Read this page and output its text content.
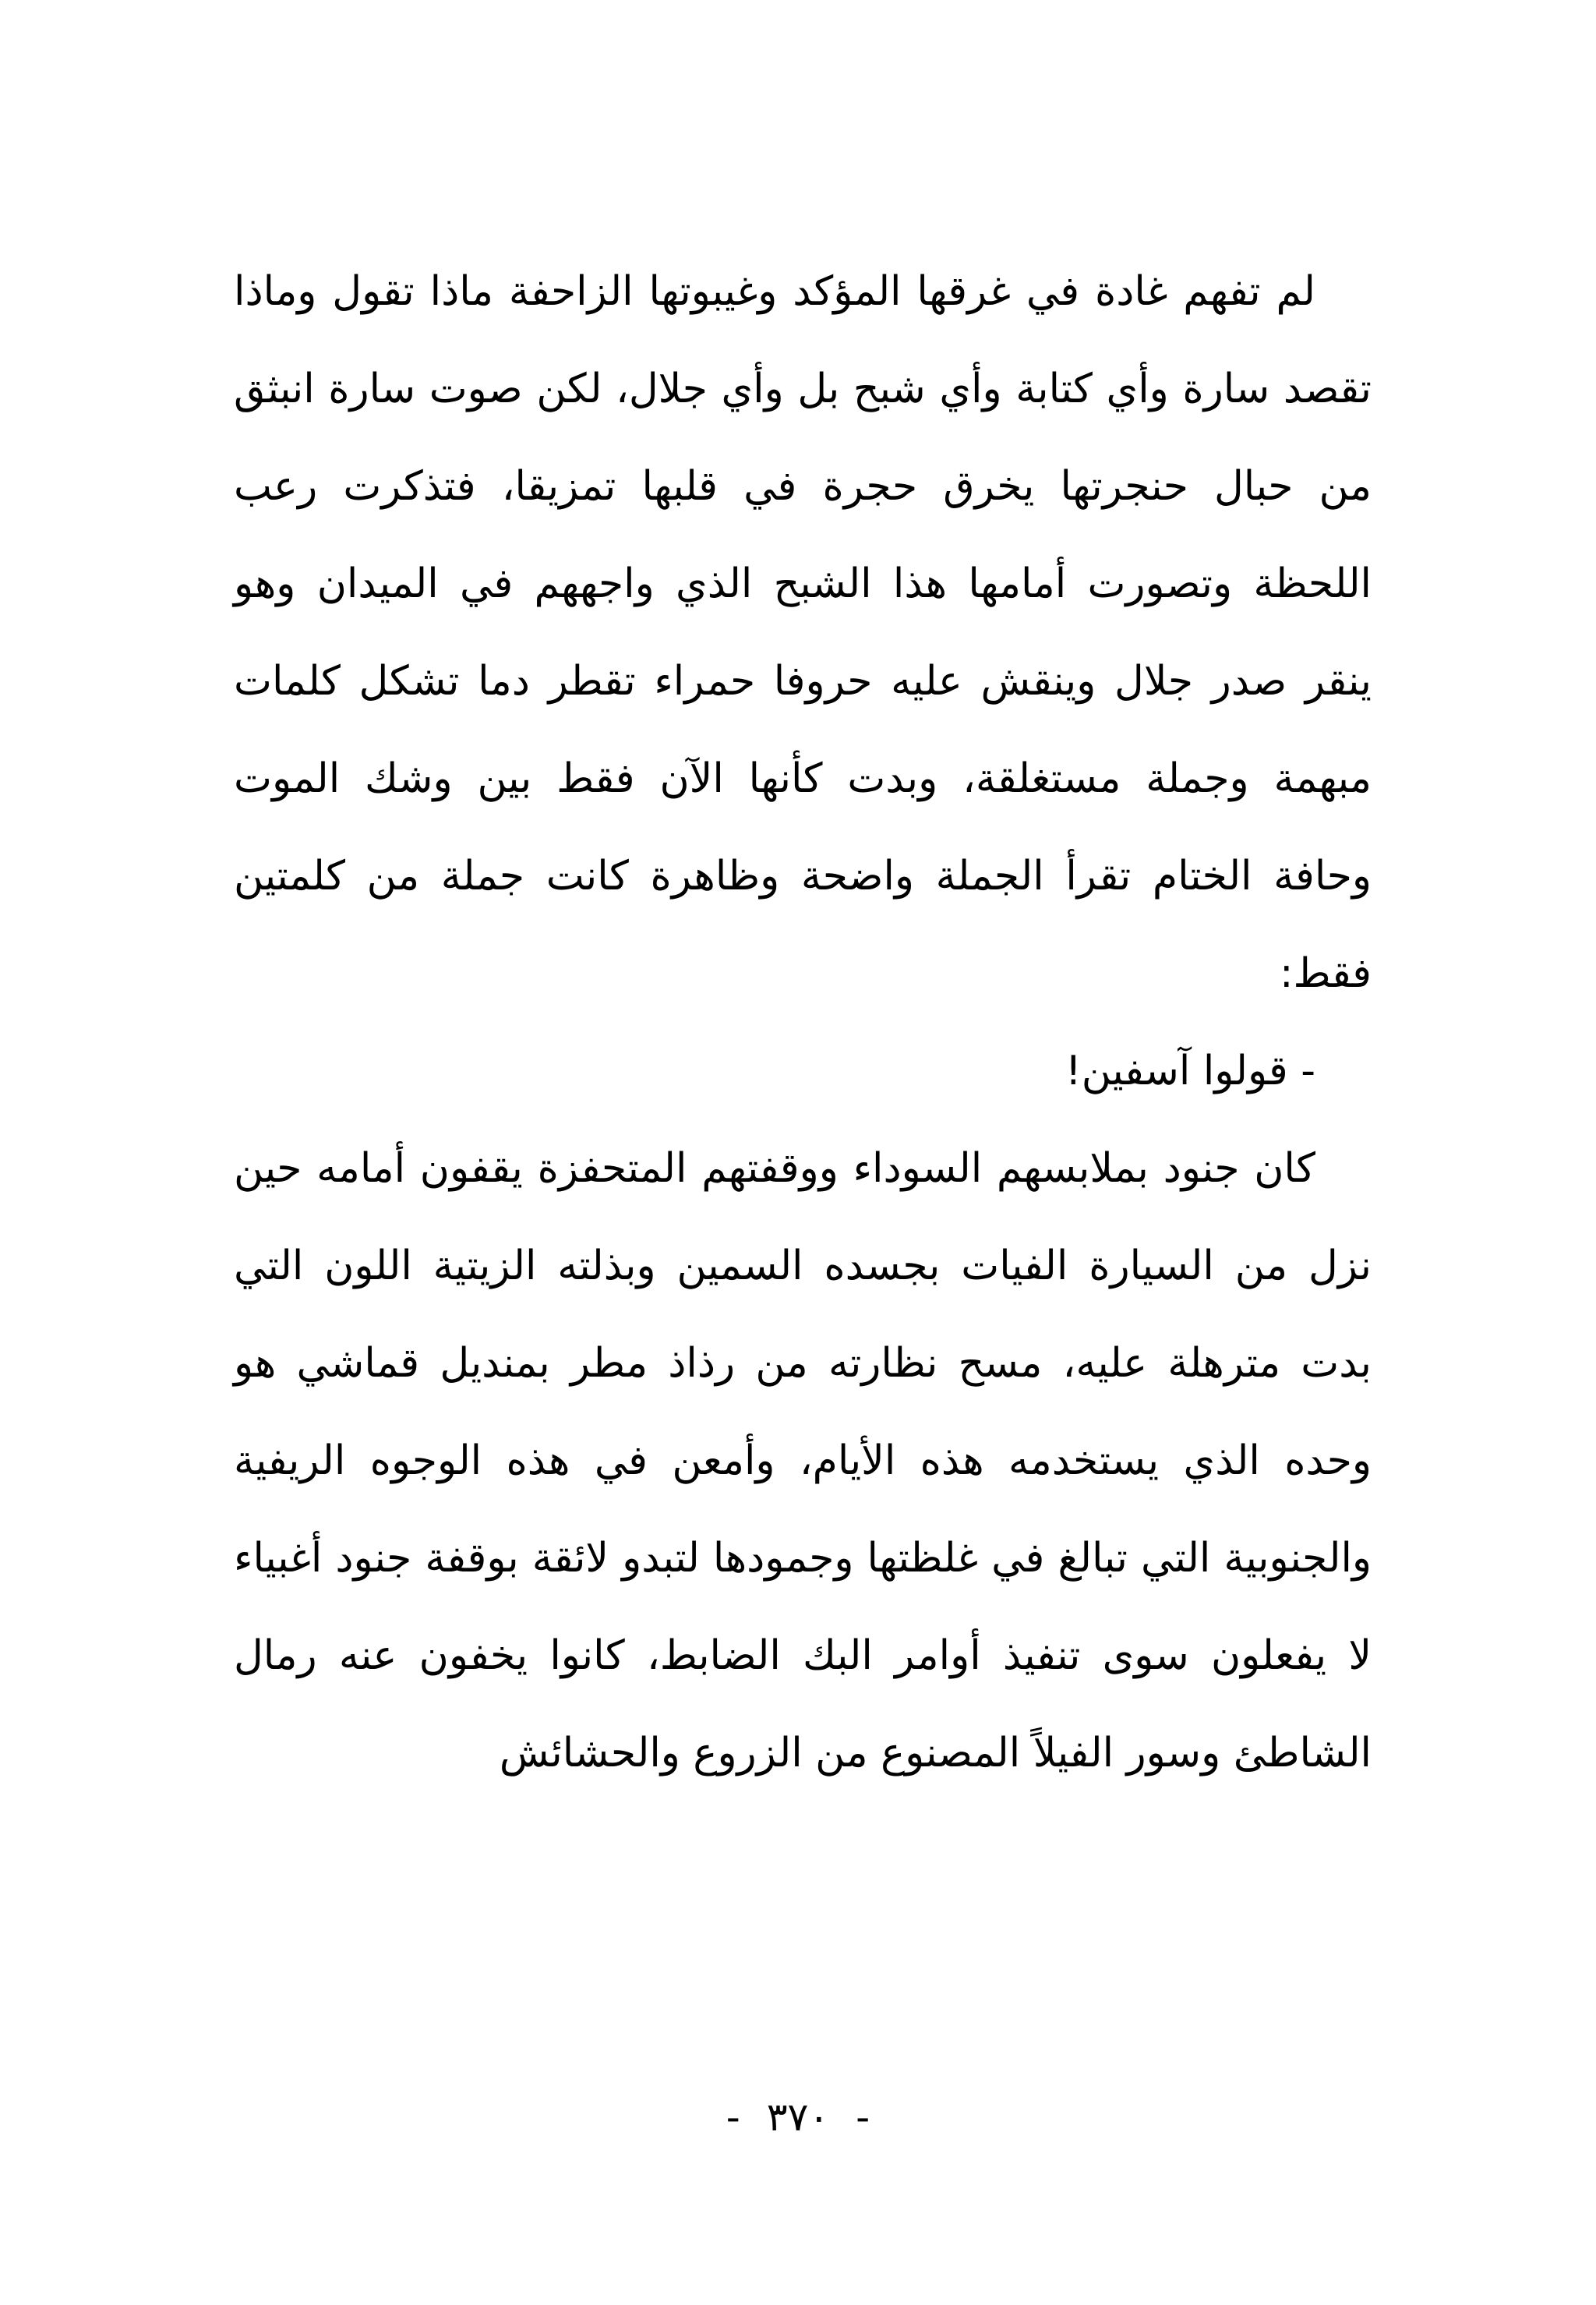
لم تفهم غادة في غرقها المؤكد وغيبوتها الزاحفة ماذا تقول وماذا تقصد سارة وأي كتابة وأي شبح بل وأي جلال، لكن صوت سارة انبثق من حبال حنجرتها يخرق حجرة في قلبها تمزيقا، فتذكرت رعب اللحظة وتصورت أمامها هذا الشبح الذي واجههم في الميدان وهو ينقر صدر جلال وينقش عليه حروفا حمراء تقطر دما تشكل كلمات مبهمة وجملة مستغلقة، وبدت كأنها الآن فقط بين وشك الموت وحافة الختام تقرأ الجملة واضحة وظاهرة كانت جملة من كلمتين فقط:

- قولوا آسفين!

كان جنود بملابسهم السوداء ووقفتهم المتحفزة يقفون أمامه حين نزل من السيارة الفيات بجسده السمين وبذلته الزيتية اللون التي بدت مترهلة عليه، مسح نظارته من رذاذ مطر بمنديل قماشي هو وحده الذي يستخدمه هذه الأيام، وأمعن في هذه الوجوه الريفية والجنوبية التي تبالغ في غلظتها وجمودها لتبدو لائقة بوقفة جنود أغبياء لا يفعلون سوى تنفيذ أوامر البك الضابط، كانوا يخفون عنه رمال الشاطئ وسور الفيلاً المصنوع من الزروع والحشائش

- ٣٧٠ -
